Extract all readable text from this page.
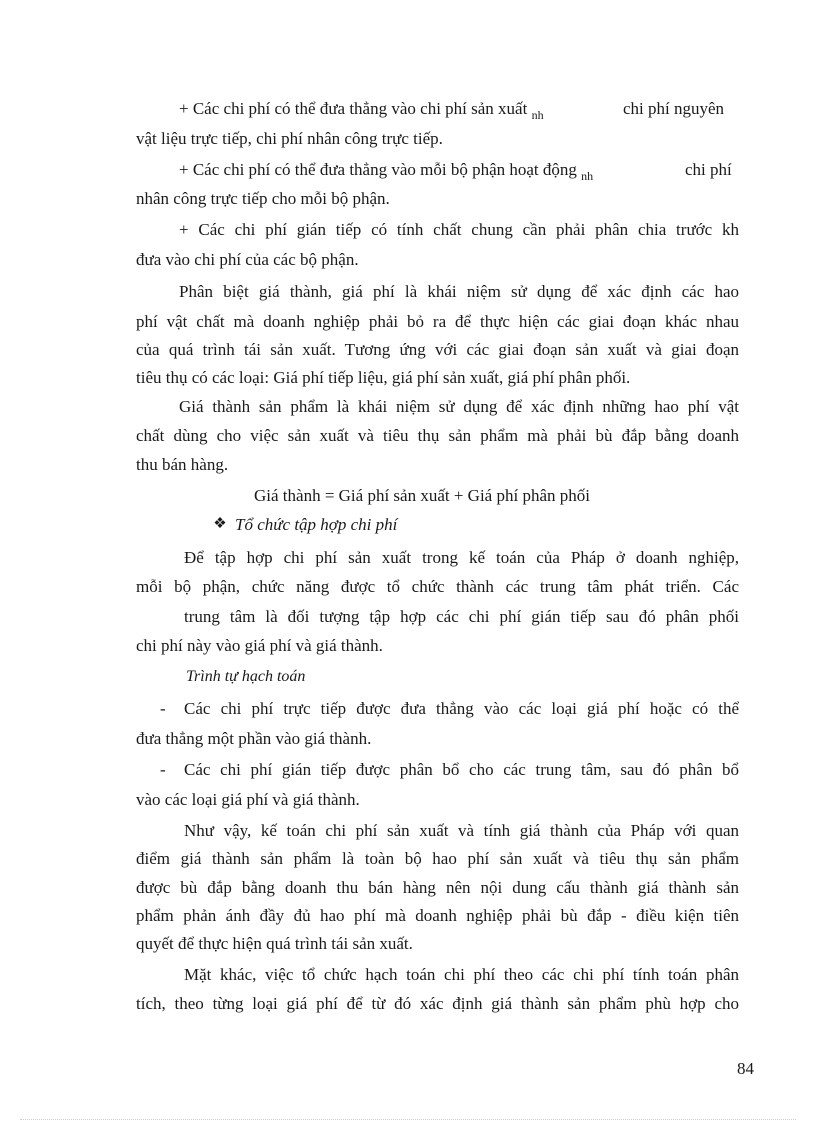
+ Các chi phí có thể đưa thẳng vào chi phí sản xuất $_{nh}$	chi phí nguyên
vật liệu trực tiếp, chi phí nhân công trực tiếp.
+ Các chi phí có thể đưa thẳng vào mỗi bộ phận hoạt động $_{nh}$	chi phí
nhân công trực tiếp cho mỗi bộ phận.
+ Các chi phí gián tiếp có tính chất chung cần phải phân chia trước kh
đưa vào chi phí của các bộ phận.
Phân biệt giá thành, giá phí là khái niệm sử dụng để xác định các hao
phí vật chất mà doanh nghiệp phải bỏ ra để thực hiện các giai đoạn khác nhau
của quá trình tái sản xuất. Tương ứng với các giai đoạn sản xuất và giai đoạn
tiêu thụ có các loại: Giá phí tiếp liệu, giá phí sản xuất, giá phí phân phối.
Giá thành sản phẩm là khái niệm sử dụng để xác định những hao phí vật
chất dùng cho việc sản xuất và tiêu thụ sản phẩm mà phải bù đắp bằng doanh
thu bán hàng.
Giá thành = Giá phí sản xuất + Giá phí phân phối
❖ Tổ chức tập hợp chi phí
Để tập hợp chi phí sản xuất trong kế toán của Pháp ở doanh nghiệp,
mỗi bộ phận, chức năng được tổ chức thành các trung tâm phát triển. Các
trung tâm là đối tượng tập hợp các chi phí gián tiếp sau đó phân phối
chi phí này vào giá phí và giá thành.
Trình tự hạch toán
- Các chi phí trực tiếp được đưa thẳng vào các loại giá phí hoặc có thể
đưa thẳng một phần vào giá thành.
- Các chi phí gián tiếp được phân bổ cho các trung tâm, sau đó phân bổ
vào các loại giá phí và giá thành.
Như vậy, kế toán chi phí sản xuất và tính giá thành của Pháp với quan
điểm giá thành sản phẩm là toàn bộ hao phí sản xuất và tiêu thụ sản phẩm
được bù đắp bằng doanh thu bán hàng nên nội dung cấu thành giá thành sản
phẩm phản ánh đầy đủ hao phí mà doanh nghiệp phải bù đắp - điều kiện tiên
quyết để thực hiện quá trình tái sản xuất.
Mặt khác, việc tổ chức hạch toán chi phí theo các chi phí tính toán phân
tích, theo từng loại giá phí để từ đó xác định giá thành sản phẩm phù hợp cho
84
